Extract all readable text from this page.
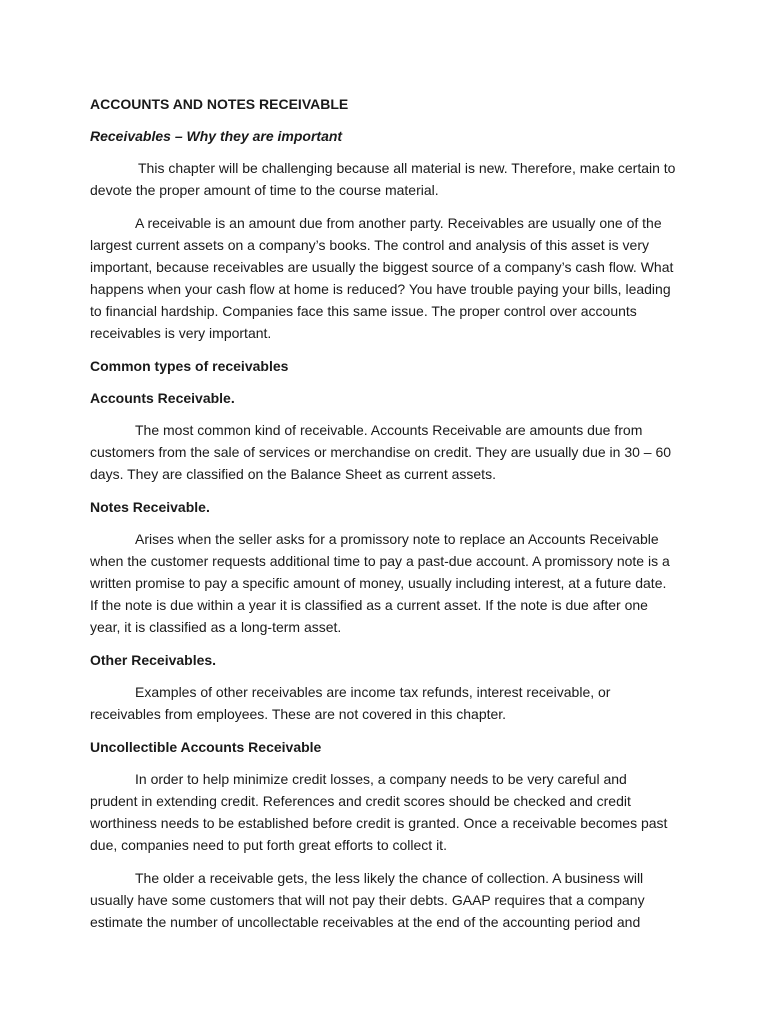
ACCOUNTS AND NOTES RECEIVABLE
Receivables – Why they are important

This chapter will be challenging because all material is new. Therefore, make certain to devote the proper amount of time to the course material.

A receivable is an amount due from another party. Receivables are usually one of the largest current assets on a company’s books. The control and analysis of this asset is very important, because receivables are usually the biggest source of a company’s cash flow. What happens when your cash flow at home is reduced? You have trouble paying your bills, leading to financial hardship. Companies face this same issue. The proper control over accounts receivables is very important.

Common types of receivables
Accounts Receivable.

The most common kind of receivable. Accounts Receivable are amounts due from customers from the sale of services or merchandise on credit. They are usually due in 30 – 60 days. They are classified on the Balance Sheet as current assets.

Notes Receivable.

Arises when the seller asks for a promissory note to replace an Accounts Receivable when the customer requests additional time to pay a past-due account. A promissory note is a written promise to pay a specific amount of money, usually including interest, at a future date. If the note is due within a year it is classified as a current asset. If the note is due after one year, it is classified as a long-term asset.

Other Receivables.

Examples of other receivables are income tax refunds, interest receivable, or receivables from employees. These are not covered in this chapter.

Uncollectible Accounts Receivable

In order to help minimize credit losses, a company needs to be very careful and prudent in extending credit. References and credit scores should be checked and credit worthiness needs to be established before credit is granted. Once a receivable becomes past due, companies need to put forth great efforts to collect it.

The older a receivable gets, the less likely the chance of collection. A business will usually have some customers that will not pay their debts. GAAP requires that a company estimate the number of uncollectable receivables at the end of the accounting period and
